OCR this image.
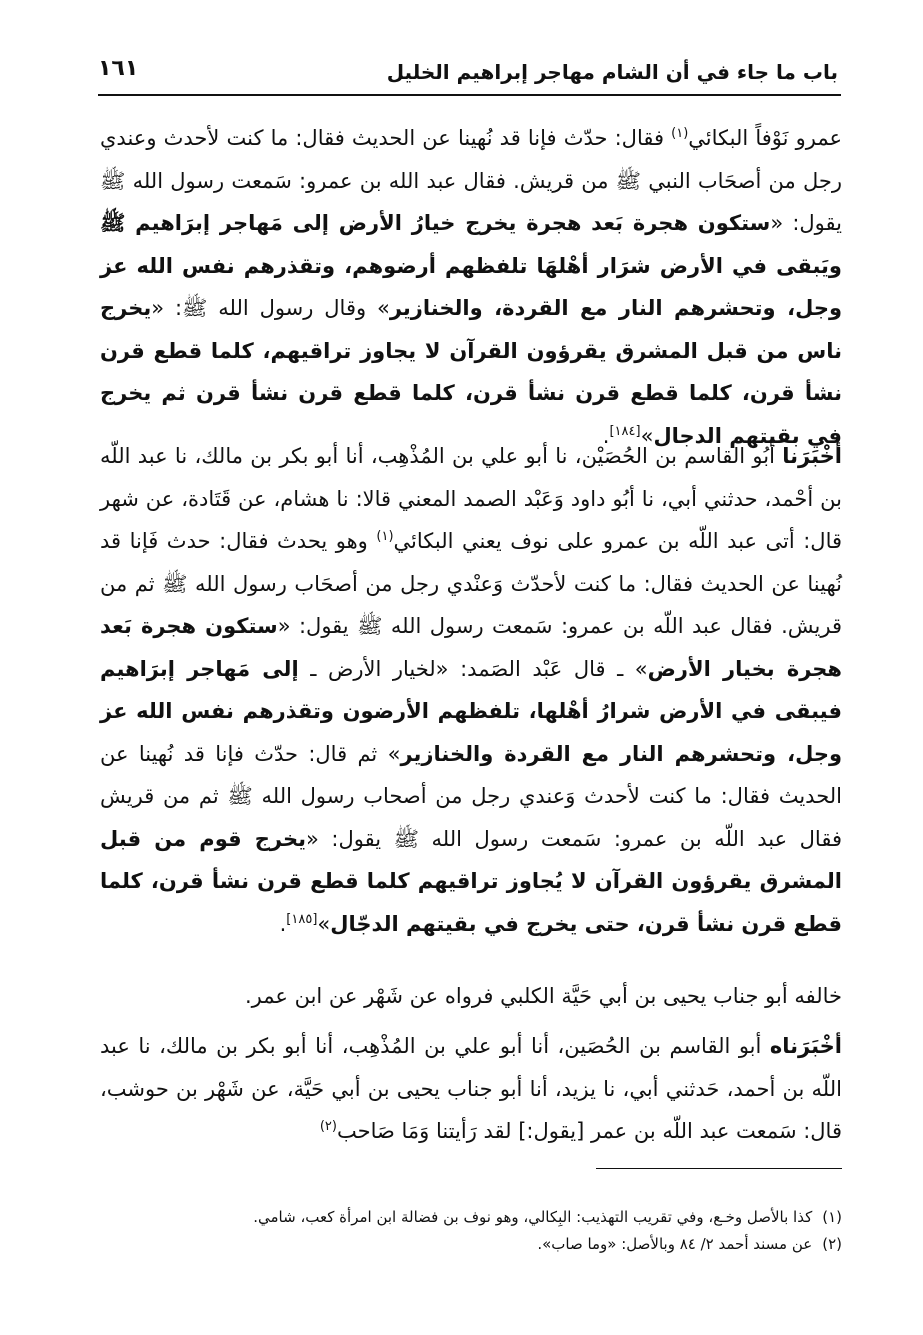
باب ما جاء في أن الشام مهاجر إبراهيم الخليل
١٦١
عمرو نَوْفاً البكائي$^{(١)}$ فقال: حدّث فإنا قد نُهينا عن الحديث فقال: ما كنت لأحدث وعندي رجل من أصحَاب النبي ﷺ من قريش. فقال عبد الله بن عمرو: سَمعت رسول الله ﷺ يقول: «ستكون هجرة بَعد هجرة يخرج خيارُ الأرض إلى مَهاجر إبرَاهيم ﷺ ويَبقى في الأرض شرَار أهْلهَا تلفظهم أرضوهم، وتقذرهم نفس الله عز وجل، وتحشرهم النار مع القردة، والخنازير» وقال رسول الله ﷺ: «يخرج ناس من قبل المشرق يقرؤون القرآن لا يجاوز تراقيهم، كلما قطع قرن نشأ قرن، كلما قطع قرن نشأ قرن، كلما قطع قرن نشأ قرن ثم يخرج في بقيتهم الدجال»[١٨٤].
أخْبَرَنا أبُو القاسم بن الحُصَيْن، نا أبو علي بن المُذْهِب، أنا أبو بكر بن مالك، نا عبد اللّه بن أحْمد، حدثني أبي، نا أبُو داود وَعَبْد الصمد المعني قالا: نا هشام، عن قَتَادة، عن شهر قال: أتى عبد اللّه بن عمرو على نوف يعني البكائي$^{(١)}$ وهو يحدث فقال: حدث فَإنا قد نُهينا عن الحديث فقال: ما كنت لأحدّث وَعنْدي رجل من أصحَاب رسول الله ﷺ ثم من قريش. فقال عبد اللّه بن عمرو: سَمعت رسول الله ﷺ يقول: «ستكون هجرة بَعد هجرة بخيار الأرض» ـ قال عَبْد الصَمد: «لخيار الأرض ـ إلى مَهاجر إبرَاهيم فيبقى في الأرض شرارُ أهْلها، تلفظهم الأرضون وتقذرهم نفس الله عز وجل، وتحشرهم النار مع القردة والخنازير» ثم قال: حدّث فإنا قد نُهينا عن الحديث فقال: ما كنت لأحدث وَعندي رجل من أصحاب رسول الله ﷺ ثم من قريش فقال عبد اللّه بن عمرو: سَمعت رسول الله ﷺ يقول: «يخرج قوم من قبل المشرق يقرؤون القرآن لا يُجاوز تراقيهم كلما قطع قرن نشأ قرن، كلما قطع قرن نشأ قرن، حتى يخرج في بقيتهم الدجّال»[١٨٥].
خالفه أبو جناب يحيى بن أبي حَيَّة الكلبي فرواه عن شَهْر عن ابن عمر.
أخْبَرَناه أبو القاسم بن الحُصَين، أنا أبو علي بن المُذْهِب، أنا أبو بكر بن مالك، نا عبد اللّه بن أحمد، حَدثني أبي، نا يزيد، أنا أبو جناب يحيى بن أبي حَيَّة، عن شَهْر بن حوشب، قال: سَمعت عبد اللّه بن عمر [يقول:] لقد رَأيتنا وَمَا صَاحب$^{(٢)}$
(١)كذا بالأصل وخـع، وفي تقريب التهذيب: البِكالي، وهو نوف بن فضالة ابن امرأة كعب، شامي.
(٢)عن مسند أحمد ٢/ ٨٤ وبالأصل: «وما صاب».
